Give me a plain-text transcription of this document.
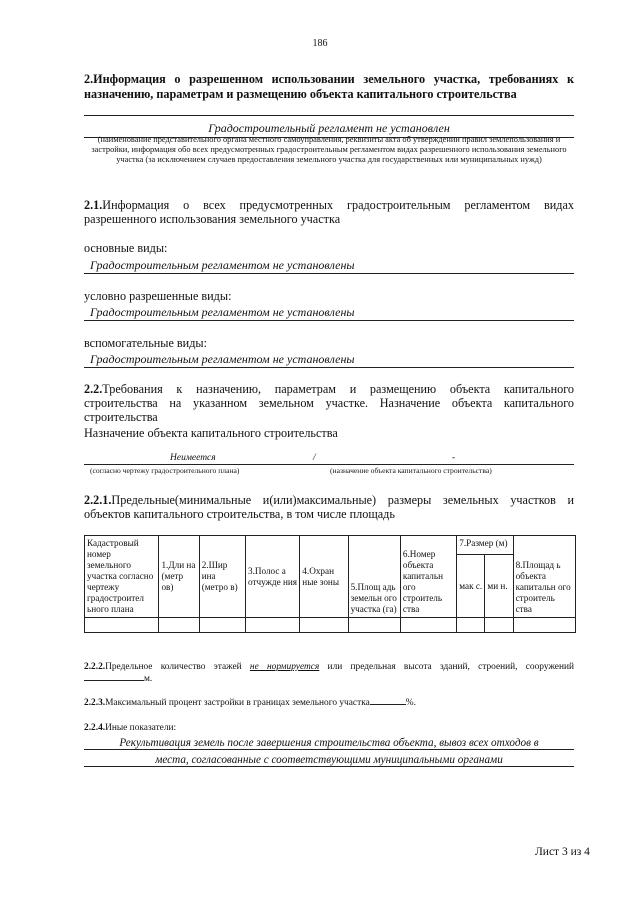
186
2.Информация о разрешенном использовании земельного участка, требованиях к назначению, параметрам и размещению объекта капитального строительства
Градостроительный регламент не установлен
(наименование представительного органа местного самоуправления, реквизиты акта об утверждении правил землепользования и застройки, информация обо всех предусмотренных градостроительным регламентом видах разрешенного использования земельного участка (за исключением случаев предоставления земельного участка для государственных или муниципальных нужд)
2.1.Информация о всех предусмотренных градостроительным регламентом видах разрешенного использования земельного участка
основные виды:
Градостроительным регламентом не установлены
условно разрешенные виды:
Градостроительным регламентом не установлены
вспомогательные виды:
Градостроительным регламентом не установлены
2.2.Требования к назначению, параметрам и размещению объекта капитального строительства на указанном земельном участке. Назначение объекта капитального строительства
Назначение объекта капитального строительства
Неимеется	/	-
(согласно чертежу градостроительного плана)	(назначение объекта капитального строительства)
2.2.1.Предельные(минимальные и(или)максимальные) размеры земельных участков и объектов капитального строительства, в том числе площадь
Кадастровый номер земельного участка согласно чертежу градостроител ьного плана	1.Дли на (метр ов)	2.Шир ина (метро в)	3.Полос а отчужде ния	4.Охран ные зоны	5.Площ адь земельн ого участка (га)	6.Номер объекта капитальн ого строитель ства	7.Размер (м)		8.Площад ь объекта капитальн ого строитель ства
							мак с.	ми н.	

2.2.2.Предельное количество этажей не нормируется или предельная высота зданий, строений, сооружений м.
2.2.3.Максимальный процент застройки в границах земельного участка	%.
2.2.4.Иные показатели:
Рекультивация земель после завершения строительства объекта, вывоз всех отходов в
места, согласованные с соответствующими муниципальными органами
Лист 3 из 4
